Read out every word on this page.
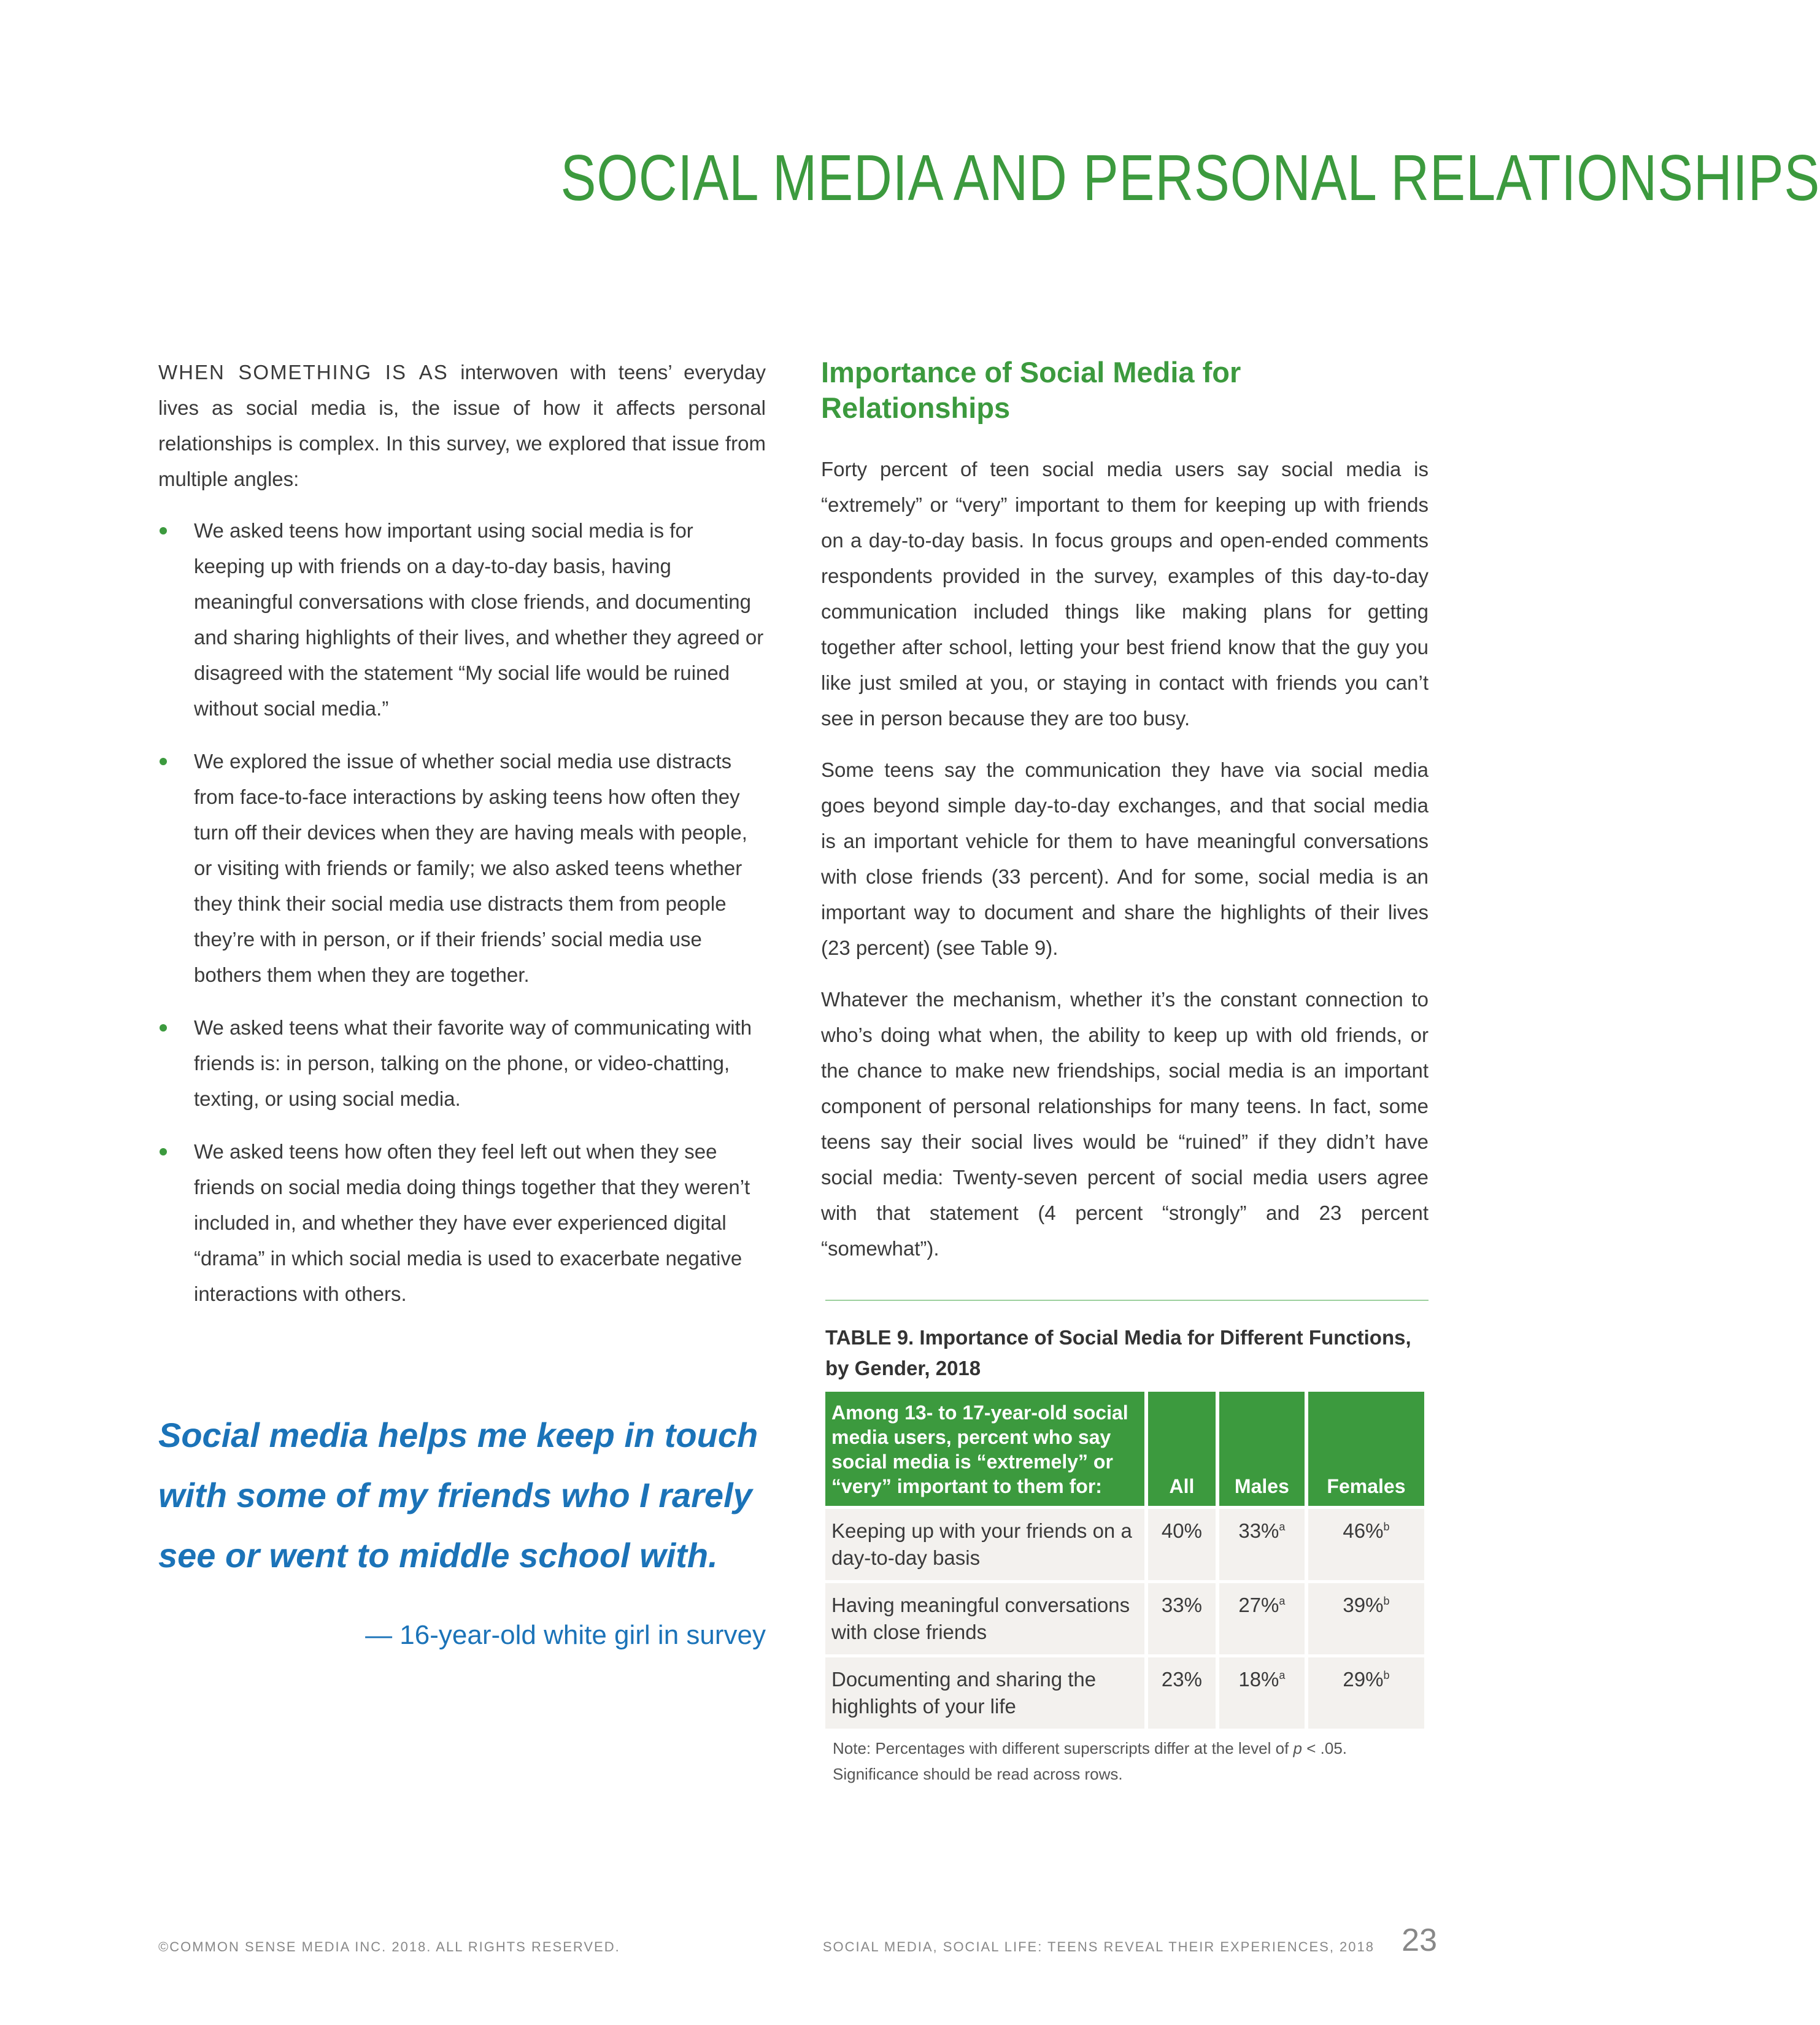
SOCIAL MEDIA AND PERSONAL RELATIONSHIPS

WHEN SOMETHING IS AS interwoven with teens’ everyday lives as social media is, the issue of how it affects personal relationships is complex. In this survey, we explored that issue from multiple angles:

We asked teens how important using social media is for keeping up with friends on a day-to-day basis, having meaningful conversations with close friends, and documenting and sharing highlights of their lives, and whether they agreed or disagreed with the statement “My social life would be ruined without social media.”
We explored the issue of whether social media use distracts from face-to-face interactions by asking teens how often they turn off their devices when they are having meals with people, or visiting with friends or family; we also asked teens whether they think their social media use distracts them from people they’re with in person, or if their friends’ social media use bothers them when they are together.
We asked teens what their favorite way of communicating with friends is: in person, talking on the phone, or video-chatting, texting, or using social media.
We asked teens how often they feel left out when they see friends on social media doing things together that they weren’t included in, and whether they have ever experienced digital “drama” in which social media is used to exacerbate negative interactions with others.
Social media helps me keep in touch with some of my friends who I rarely see or went to middle school with.
— 16-year-old white girl in survey
Importance of Social Media for Relationships

Forty percent of teen social media users say social media is “extremely” or “very” important to them for keeping up with friends on a day-to-day basis. In focus groups and open-ended comments respondents provided in the survey, examples of this day-to-day communication included things like making plans for getting together after school, letting your best friend know that the guy you like just smiled at you, or staying in contact with friends you can’t see in person because they are too busy.

Some teens say the communication they have via social media goes beyond simple day-to-day exchanges, and that social media is an important vehicle for them to have meaningful conversations with close friends (33 percent). And for some, social media is an important way to document and share the highlights of their lives (23 percent) (see Table 9).

Whatever the mechanism, whether it’s the constant connection to who’s doing what when, the ability to keep up with old friends, or the chance to make new friendships, social media is an important component of personal relationships for many teens. In fact, some teens say their social lives would be “ruined” if they didn’t have social media: Twenty-seven percent of social media users agree with that statement (4 percent “strongly” and 23 percent “somewhat”).

TABLE 9. Importance of Social Media for Different Functions, by Gender, 2018
Among 13- to 17-year-old social media users, percent who say social media is “extremely” or “very” important to them for:	All	Males	Females
Keeping up with your friends on a day-to-day basis	40%	33%$^a$	46%$^b$
Having meaningful conversations with close friends	33%	27%$^a$	39%$^b$
Documenting and sharing the highlights of your life	23%	18%$^a$	29%$^b$
Note: Percentages with different superscripts differ at the level of p < .05. Significance should be read across rows.
©COMMON SENSE MEDIA INC. 2018. ALL RIGHTS RESERVED.	SOCIAL MEDIA, SOCIAL LIFE: TEENS REVEAL THEIR EXPERIENCES, 2018 23
